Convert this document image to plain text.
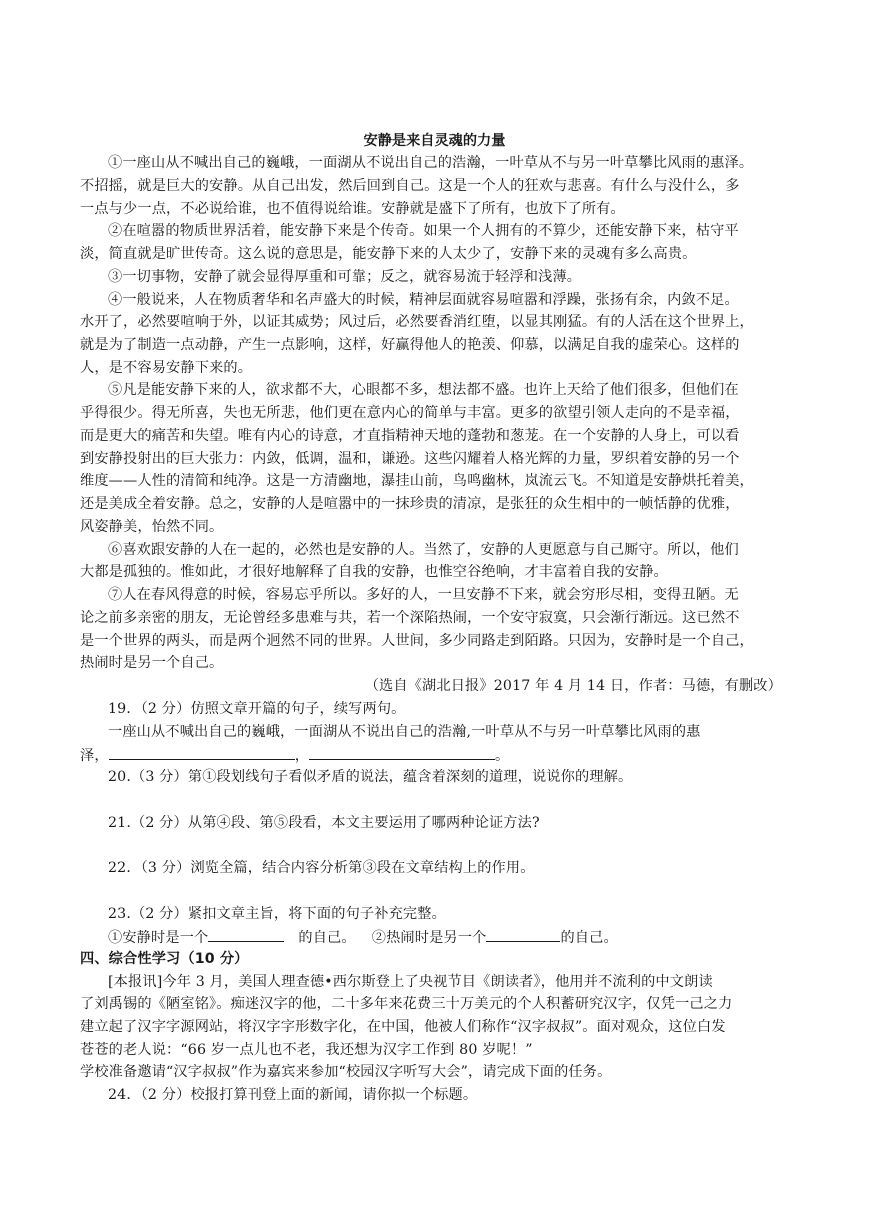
安静是来自灵魂的力量
①一座山从不喊出自己的巍峨，一面湖从不说出自己的浩瀚，一叶草从不与另一叶草攀比风雨的惠泽。
不招摇，就是巨大的安静。从自己出发，然后回到自己。这是一个人的狂欢与悲喜。有什么与没什么，多
一点与少一点，不必说给谁，也不值得说给谁。安静就是盛下了所有，也放下了所有。
②在喧嚣的物质世界活着，能安静下来是个传奇。如果一个人拥有的不算少，还能安静下来，枯守平
淡，简直就是旷世传奇。这么说的意思是，能安静下来的人太少了，安静下来的灵魂有多么高贵。
③一切事物，安静了就会显得厚重和可靠；反之，就容易流于轻浮和浅薄。
④一般说来，人在物质奢华和名声盛大的时候，精神层面就容易喧嚣和浮躁，张扬有余，内敛不足。
水开了，必然要喧响于外，以证其威势；风过后，必然要香消红堕，以显其刚猛。有的人活在这个世界上，
就是为了制造一点动静，产生一点影响，这样，好赢得他人的艳羡、仰慕，以满足自我的虚荣心。这样的
人，是不容易安静下来的。
⑤凡是能安静下来的人，欲求都不大，心眼都不多，想法都不盛。也许上天给了他们很多，但他们在
乎得很少。得无所喜，失也无所悲，他们更在意内心的简单与丰富。更多的欲望引领人走向的不是幸福，
而是更大的痛苦和失望。唯有内心的诗意，才直指精神天地的蓬勃和葱茏。在一个安静的人身上，可以看
到安静投射出的巨大张力：内敛，低调，温和，谦逊。这些闪耀着人格光辉的力量，罗织着安静的另一个
维度——人性的清简和纯净。这是一方清幽地，瀑挂山前，鸟鸣幽林，岚流云飞。不知道是安静烘托着美，
还是美成全着安静。总之，安静的人是喧嚣中的一抹珍贵的清凉，是张狂的众生相中的一帧恬静的优雅，
风姿静美，怡然不同。
⑥喜欢跟安静的人在一起的，必然也是安静的人。当然了，安静的人更愿意与自己厮守。所以，他们
大都是孤独的。惟如此，才很好地解释了自我的安静，也惟空谷绝响，才丰富着自我的安静。
⑦人在春风得意的时候，容易忘乎所以。多好的人，一旦安静不下来，就会穷形尽相，变得丑陋。无
论之前多亲密的朋友，无论曾经多患难与共，若一个深陷热闹，一个安守寂寞，只会渐行渐远。这已然不
是一个世界的两头，而是两个迥然不同的世界。人世间，多少同路走到陌路。只因为，安静时是一个自己，
热闹时是另一个自己。
（选自《湖北日报》2017 年 4 月 14 日，作者：马德，有删改）
19．（2 分）仿照文章开篇的句子，续写两句。
一座山从不喊出自己的巍峨，一面湖从不说出自己的浩瀚,一叶草从不与另一叶草攀比风雨的惠
泽，	，	。
20.（3 分）第①段划线句子看似矛盾的说法，蕴含着深刻的道理，说说你的理解。
21.（2 分）从第④段、第⑤段看，本文主要运用了哪两种论证方法?
22．（3 分）浏览全篇，结合内容分析第③段在文章结构上的作用。
23.（2 分）紧扣文章主旨，将下面的句子补充完整。
①安静时是一个	的自己。 ②热闹时是另一个	的自己。
四、综合性学习（10 分）
[本报讯]今年 3 月，美国人理查德•西尔斯登上了央视节目《朗读者》，他用并不流利的中文朗读
了刘禹锡的《陋室铭》。痴迷汉字的他，二十多年来花费三十万美元的个人积蓄研究汉字，仅凭一己之力
建立起了汉字字源网站，将汉字字形数字化，在中国，他被人们称作“汉字叔叔”。面对观众，这位白发
苍苍的老人说：“66 岁一点儿也不老，我还想为汉字工作到 80 岁呢！”
学校准备邀请“汉字叔叔”作为嘉宾来参加“校园汉字听写大会”，请完成下面的任务。
24．（2 分）校报打算刊登上面的新闻，请你拟一个标题。
